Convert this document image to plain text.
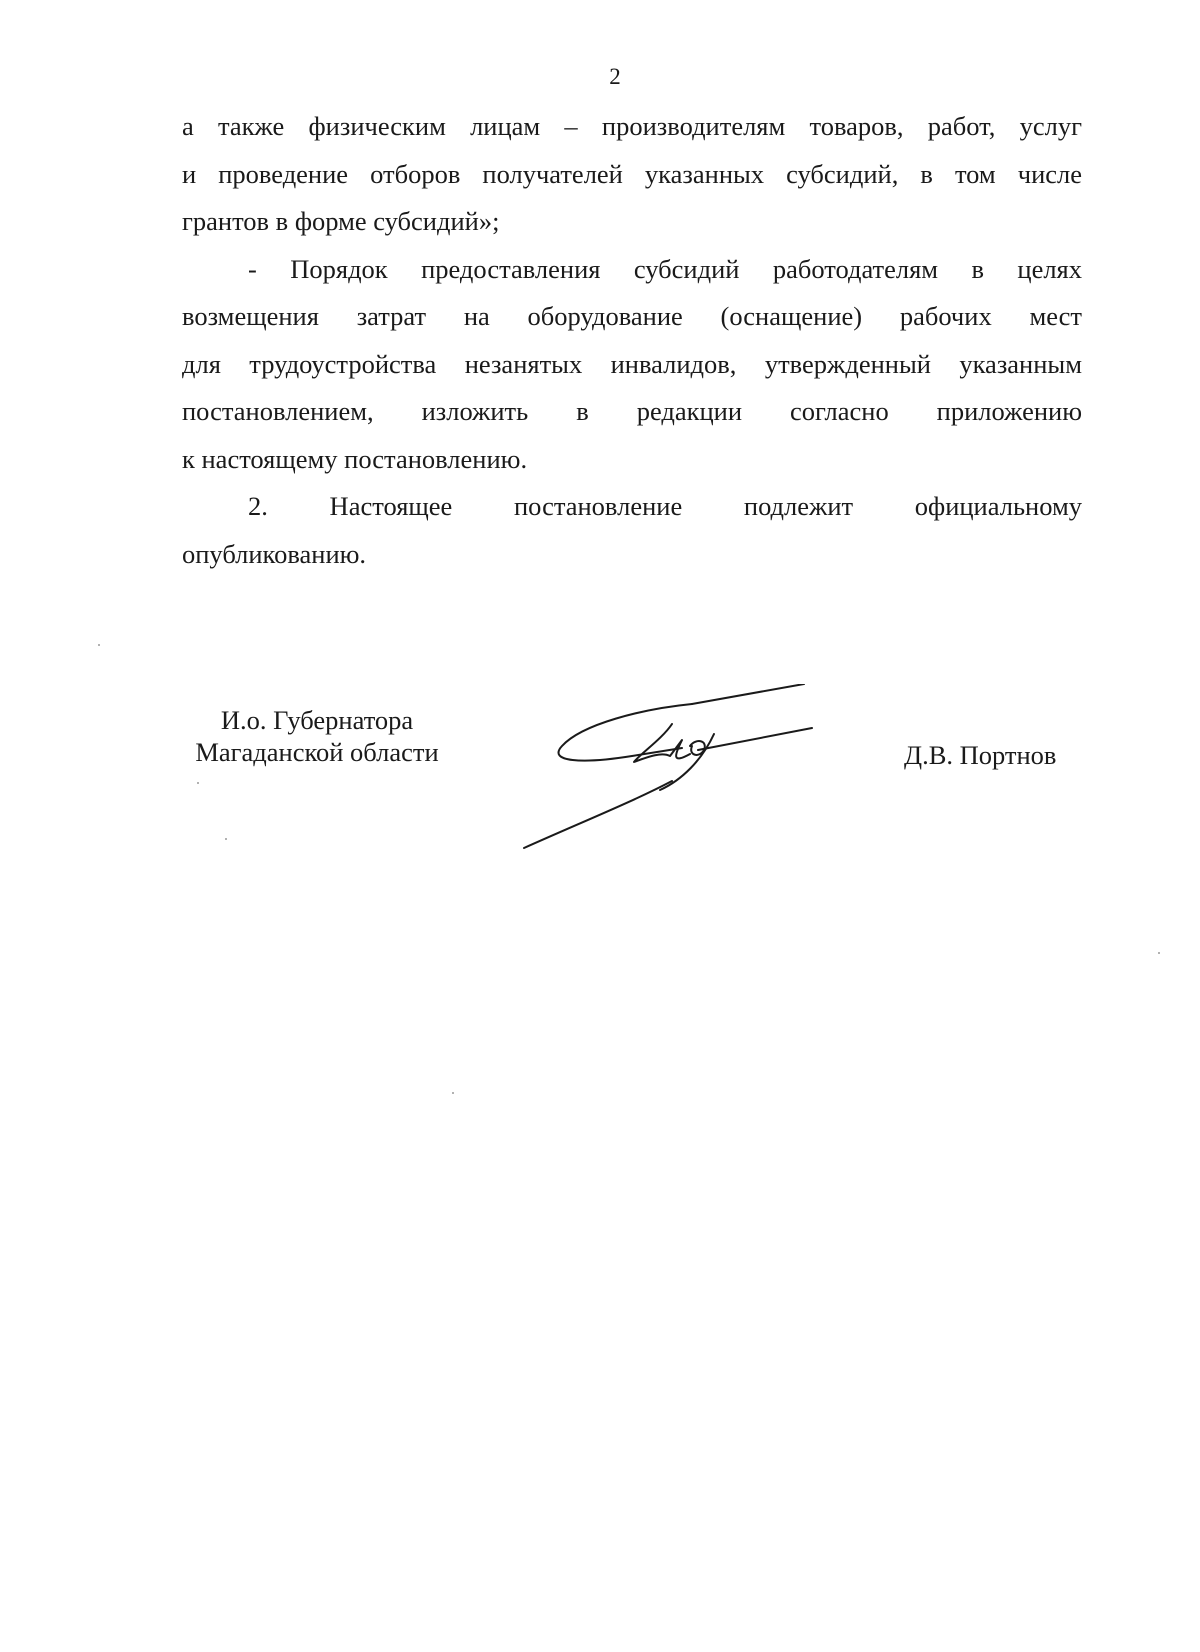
2
а также физическим лицам – производителям товаров, работ, услуг
и проведение отборов получателей указанных субсидий, в том числе
грантов в форме субсидий»;
- Порядок предоставления субсидий работодателям в целях
возмещения затрат на оборудование (оснащение) рабочих мест
для трудоустройства незанятых инвалидов, утвержденный указанным
постановлением, изложить в редакции согласно приложению
к настоящему постановлению.
2. Настоящее постановление подлежит официальному
опубликованию.
И.о. Губернатора
Магаданской области	Д.В. Портнов
